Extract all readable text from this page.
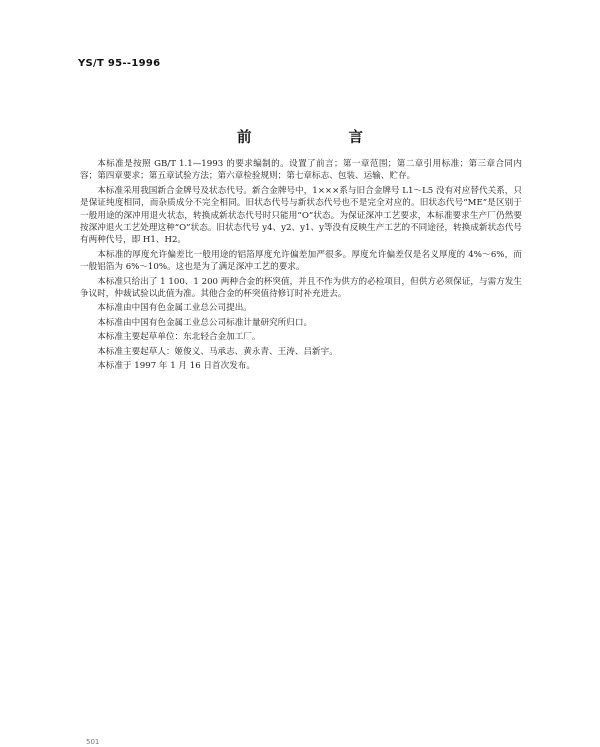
YS/T 95--1996
前 言

本标准是按照 GB/T 1.1—1993 的要求编制的。设置了前言；第一章范围；第二章引用标准；第三章合同内容；第四章要求；第五章试验方法；第六章检验规则；第七章标志、包装、运输、贮存。

本标准采用我国新合金牌号及状态代号。新合金牌号中，1×××系与旧合金牌号 L1～L5 没有对应替代关系，只是保证纯度相同，而杂质成分不完全相同。旧状态代号与新状态代号也不是完全对应的。旧状态代号“ME”是区别于一般用途的深冲用退火状态，转换成新状态代号时只能用“O”状态。为保证深冲工艺要求，本标准要求生产厂仍然要按深冲退火工艺处理这种“O”状态。旧状态代号 y4、y2、y1、y等没有反映生产工艺的不同途径，转换成新状态代号有两种代号，即 H1、H2。

本标准的厚度允许偏差比一般用途的铝箔厚度允许偏差加严很多。厚度允许偏差仅是名义厚度的 4%～6%，而一般铝箔为 6%～10%。这也是为了满足深冲工艺的要求。

本标准只给出了 1 100、1 200 两种合金的杯突值，并且不作为供方的必检项目，但供方必须保证，与需方发生争议时，仲裁试验以此值为准。其他合金的杯突值待修订时补充进去。

本标准由中国有色金属工业总公司提出。

本标准由中国有色金属工业总公司标准计量研究所归口。

本标准主要起草单位：东北轻合金加工厂。

本标准主要起草人：姬俊义、马承志、黄永青、王涛、吕新宇。

本标准于 1997 年 1 月 16 日首次发布。

501
